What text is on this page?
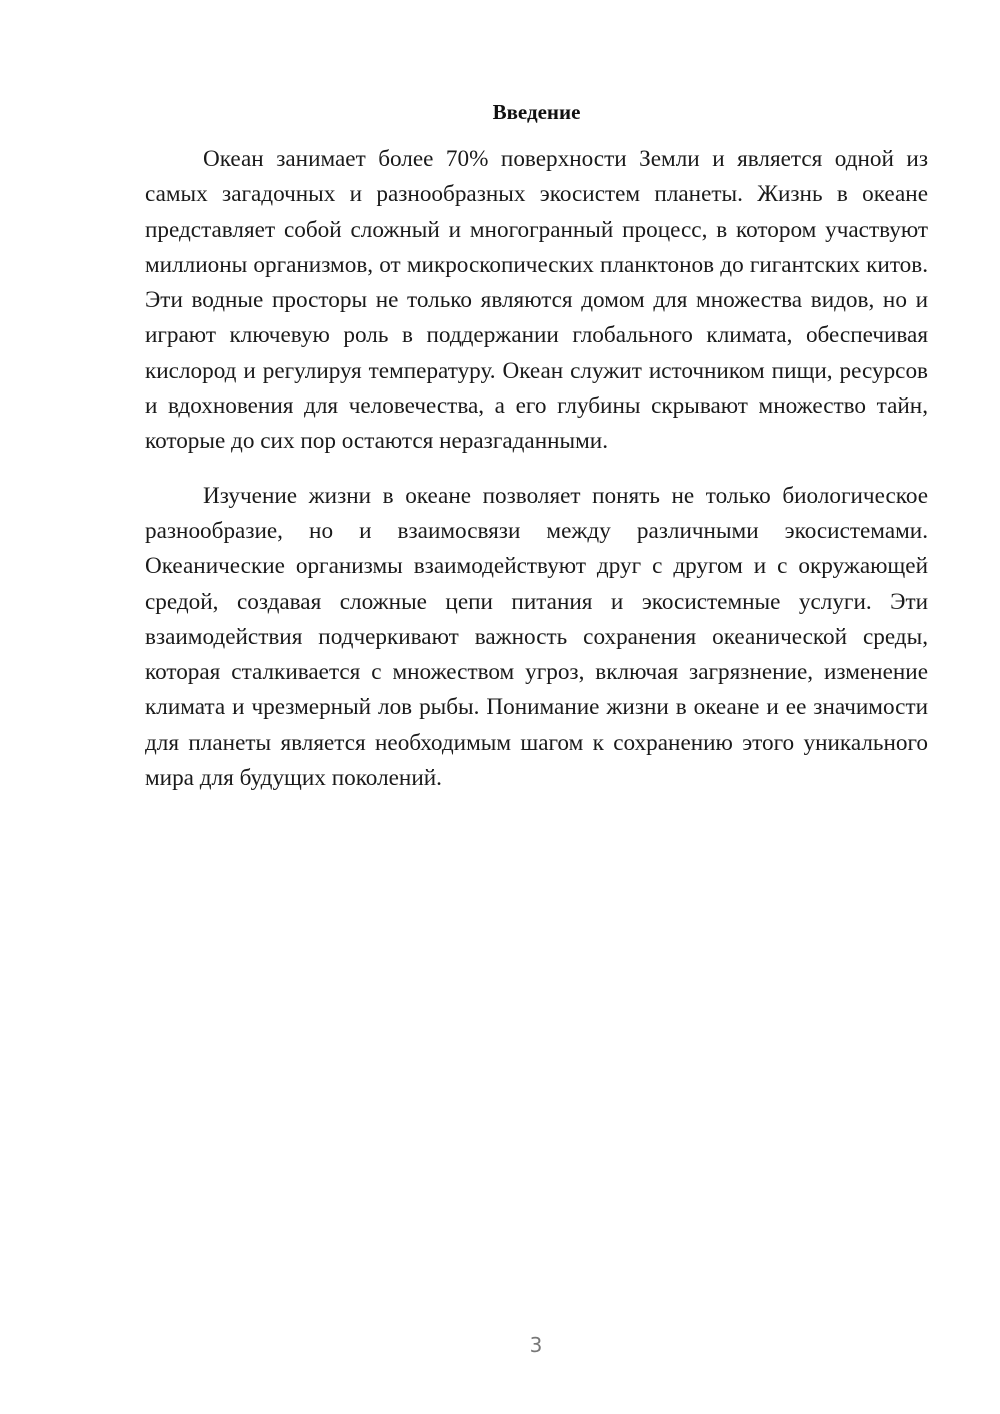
Введение

Океан занимает более 70% поверхности Земли и является одной из самых загадочных и разнообразных экосистем планеты. Жизнь в океане представляет собой сложный и многогранный процесс, в котором участвуют миллионы организмов, от микроскопических планктонов до гигантских китов. Эти водные просторы не только являются домом для множества видов, но и играют ключевую роль в поддержании глобального климата, обеспечивая кислород и регулируя температуру. Океан служит источником пищи, ресурсов и вдохновения для человечества, а его глубины скрывают множество тайн, которые до сих пор остаются неразгаданными.

Изучение жизни в океане позволяет понять не только биологическое разнообразие, но и взаимосвязи между различными экосистемами. Океанические организмы взаимодействуют друг с другом и с окружающей средой, создавая сложные цепи питания и экосистемные услуги. Эти взаимодействия подчеркивают важность сохранения океанической среды, которая сталкивается с множеством угроз, включая загрязнение, изменение климата и чрезмерный лов рыбы. Понимание жизни в океане и ее значимости для планеты является необходимым шагом к сохранению этого уникального мира для будущих поколений.

3
